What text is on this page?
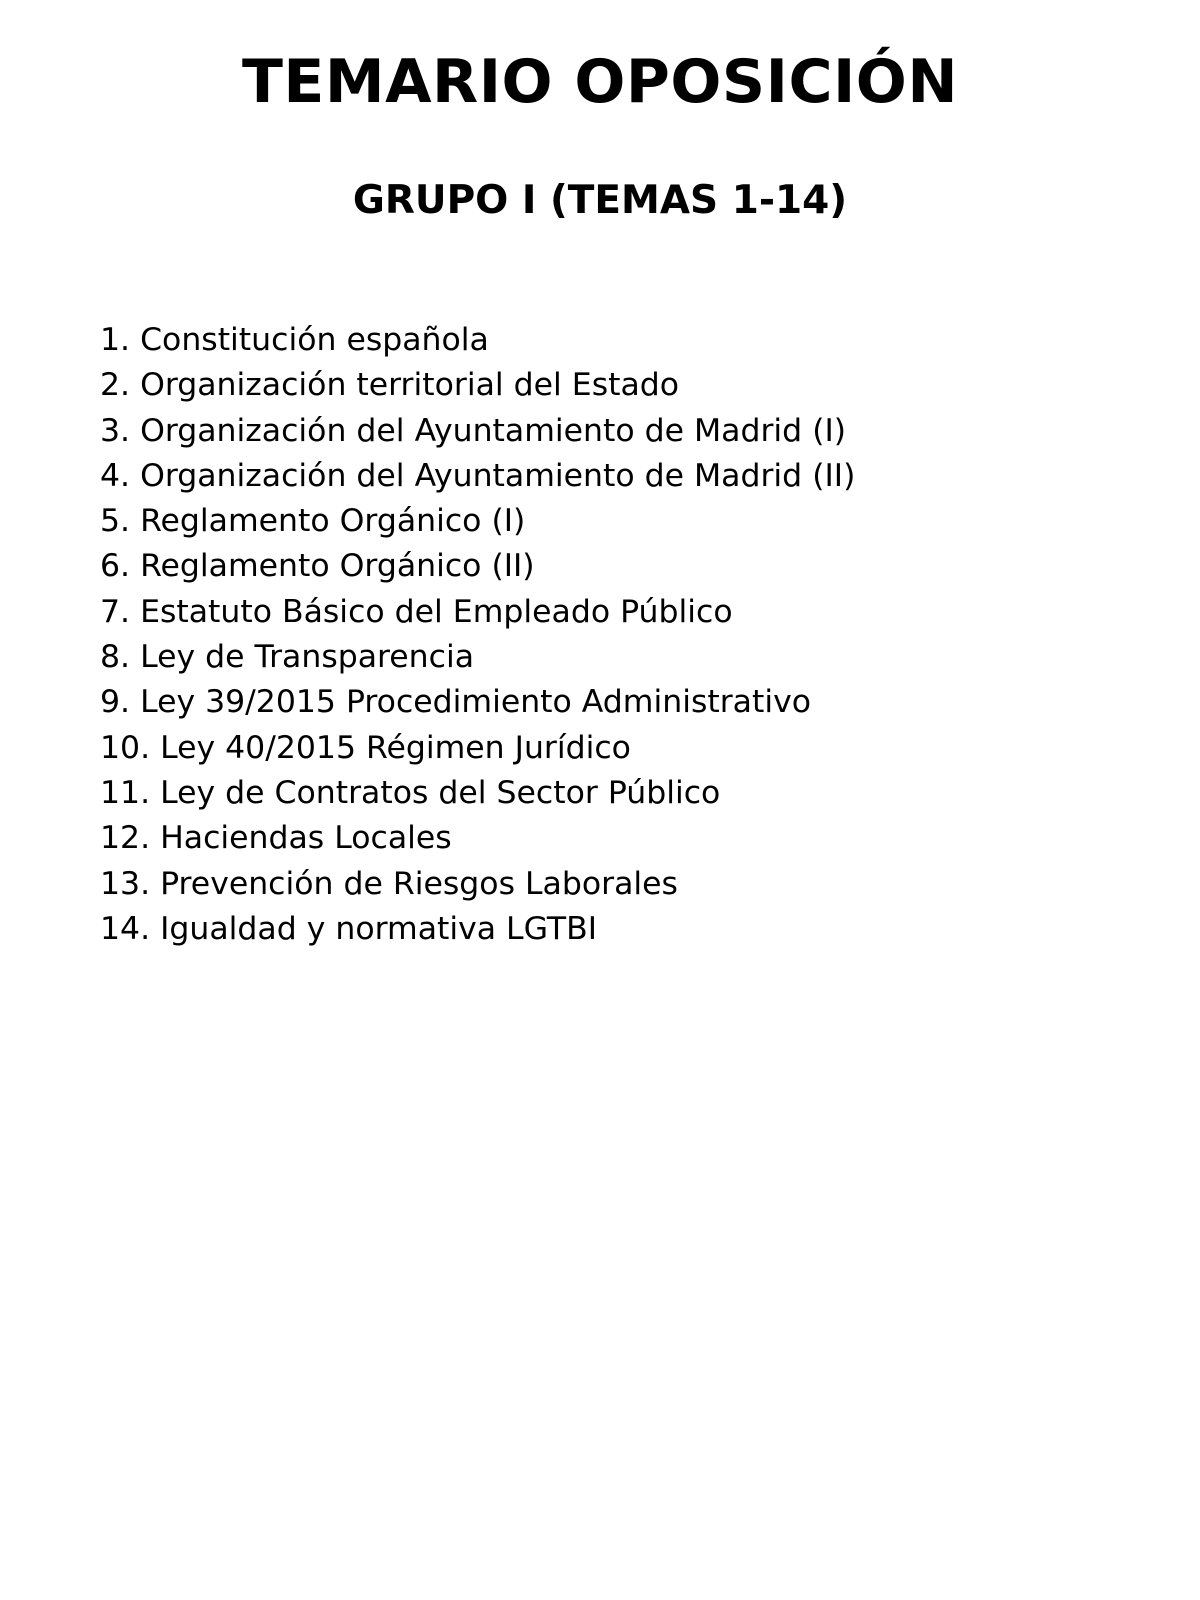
TEMARIO OPOSICIÓN
GRUPO I (TEMAS 1-14)
1. Constitución española
2. Organización territorial del Estado
3. Organización del Ayuntamiento de Madrid (I)
4. Organización del Ayuntamiento de Madrid (II)
5. Reglamento Orgánico (I)
6. Reglamento Orgánico (II)
7. Estatuto Básico del Empleado Público
8. Ley de Transparencia
9. Ley 39/2015 Procedimiento Administrativo
10. Ley 40/2015 Régimen Jurídico
11. Ley de Contratos del Sector Público
12. Haciendas Locales
13. Prevención de Riesgos Laborales
14. Igualdad y normativa LGTBI
